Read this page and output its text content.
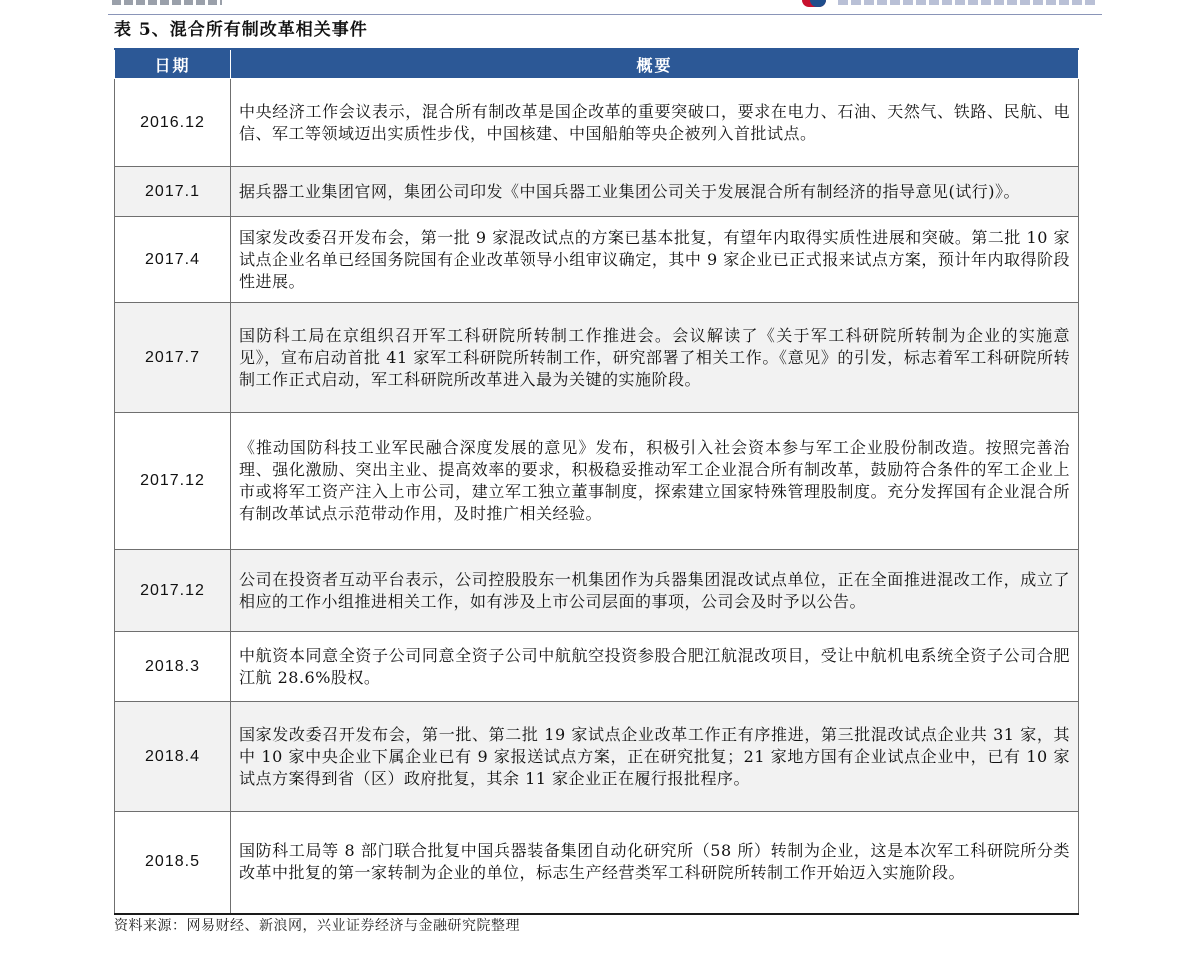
表 5、混合所有制改革相关事件
日期	概要
2016.12	中央经济工作会议表示，混合所有制改革是国企改革的重要突破口，要求在电力、石油、天然气、铁路、民航、电信、军工等领域迈出实质性步伐，中国核建、中国船舶等央企被列入首批试点。
2017.1	据兵器工业集团官网，集团公司印发《中国兵器工业集团公司关于发展混合所有制经济的指导意见(试行)》。
2017.4	国家发改委召开发布会，第一批 9 家混改试点的方案已基本批复，有望年内取得实质性进展和突破。第二批 10 家试点企业名单已经国务院国有企业改革领导小组审议确定，其中 9 家企业已正式报来试点方案，预计年内取得阶段性进展。
2017.7	国防科工局在京组织召开军工科研院所转制工作推进会。会议解读了《关于军工科研院所转制为企业的实施意见》，宣布启动首批 41 家军工科研院所转制工作，研究部署了相关工作。《意见》的引发，标志着军工科研院所转制工作正式启动，军工科研院所改革进入最为关键的实施阶段。
2017.12	《推动国防科技工业军民融合深度发展的意见》发布，积极引入社会资本参与军工企业股份制改造。按照完善治理、强化激励、突出主业、提高效率的要求，积极稳妥推动军工企业混合所有制改革，鼓励符合条件的军工企业上市或将军工资产注入上市公司，建立军工独立董事制度，探索建立国家特殊管理股制度。充分发挥国有企业混合所有制改革试点示范带动作用，及时推广相关经验。
2017.12	公司在投资者互动平台表示，公司控股股东一机集团作为兵器集团混改试点单位，正在全面推进混改工作，成立了相应的工作小组推进相关工作，如有涉及上市公司层面的事项，公司会及时予以公告。
2018.3	中航资本同意全资子公司同意全资子公司中航航空投资参股合肥江航混改项目，受让中航机电系统全资子公司合肥江航 28.6%股权。
2018.4	国家发改委召开发布会，第一批、第二批 19 家试点企业改革工作正有序推进，第三批混改试点企业共 31 家，其中 10 家中央企业下属企业已有 9 家报送试点方案，正在研究批复；21 家地方国有企业试点企业中，已有 10 家试点方案得到省（区）政府批复，其余 11 家企业正在履行报批程序。
2018.5	国防科工局等 8 部门联合批复中国兵器装备集团自动化研究所（58 所）转制为企业，这是本次军工科研院所分类改革中批复的第一家转制为企业的单位，标志生产经营类军工科研院所转制工作开始迈入实施阶段。
资料来源：网易财经、新浪网，兴业证券经济与金融研究院整理
